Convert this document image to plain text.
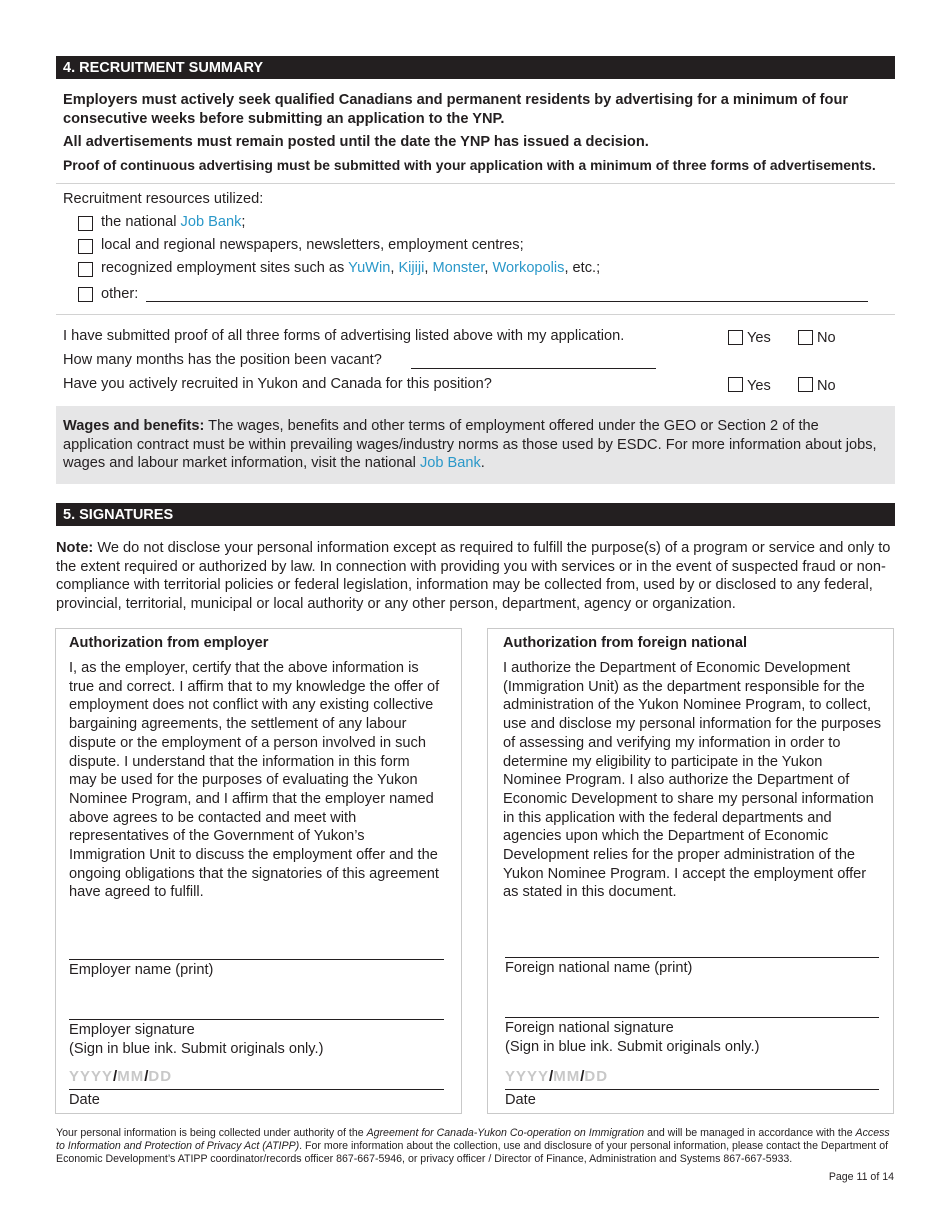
4. RECRUITMENT SUMMARY
Employers must actively seek qualified Canadians and permanent residents by advertising for a minimum of four consecutive weeks before submitting an application to the YNP.
All advertisements must remain posted until the date the YNP has issued a decision.
Proof of continuous advertising must be submitted with your application with a minimum of three forms of advertisements.
Recruitment resources utilized:
the national Job Bank;
local and regional newspapers, newsletters, employment centres;
recognized employment sites such as YuWin, Kijiji, Monster, Workopolis, etc.;
other:
I have submitted proof of all three forms of advertising listed above with my application.	Yes	No
How many months has the position been vacant?
Have you actively recruited in Yukon and Canada for this position?	Yes	No
Wages and benefits: The wages, benefits and other terms of employment offered under the GEO or Section 2 of the application contract must be within prevailing wages/industry norms as those used by ESDC. For more information about jobs, wages and labour market information, visit the national Job Bank.
5. SIGNATURES
Note: We do not disclose your personal information except as required to fulfill the purpose(s) of a program or service and only to the extent required or authorized by law. In connection with providing you with services or in the event of suspected fraud or non-compliance with territorial policies or federal legislation, information may be collected from, used by or disclosed to any federal, provincial, territorial, municipal or local authority or any other person, department, agency or organization.
Authorization from employer
I, as the employer, certify that the above information is true and correct. I affirm that to my knowledge the offer of employment does not conflict with any existing collective bargaining agreements, the settlement of any labour dispute or the employment of a person involved in such dispute. I understand that the information in this form may be used for the purposes of evaluating the Yukon Nominee Program, and I affirm that the employer named above agrees to be contacted and meet with representatives of the Government of Yukon’s Immigration Unit to discuss the employment offer and the ongoing obligations that the signatories of this agreement have agreed to fulfill.
Employer name (print)
Employer signature
(Sign in blue ink. Submit originals only.)
YYYY/MM/DD
Date
Authorization from foreign national
I authorize the Department of Economic Development (Immigration Unit) as the department responsible for the administration of the Yukon Nominee Program, to collect, use and disclose my personal information for the purposes of assessing and verifying my information in order to determine my eligibility to participate in the Yukon Nominee Program. I also authorize the Department of Economic Development to share my personal information in this application with the federal departments and agencies upon which the Department of Economic Development relies for the proper administration of the Yukon Nominee Program. I accept the employment offer as stated in this document.
Foreign national name (print)
Foreign national signature
(Sign in blue ink. Submit originals only.)
YYYY/MM/DD
Date
Your personal information is being collected under authority of the Agreement for Canada-Yukon Co-operation on Immigration and will be managed in accordance with the Access to Information and Protection of Privacy Act (ATIPP). For more information about the collection, use and disclosure of your personal information, please contact the Department of Economic Development’s ATIPP coordinator/records officer 867-667-5946, or privacy officer / Director of Finance, Administration and Systems 867-667-5933.
Page 11 of 14
